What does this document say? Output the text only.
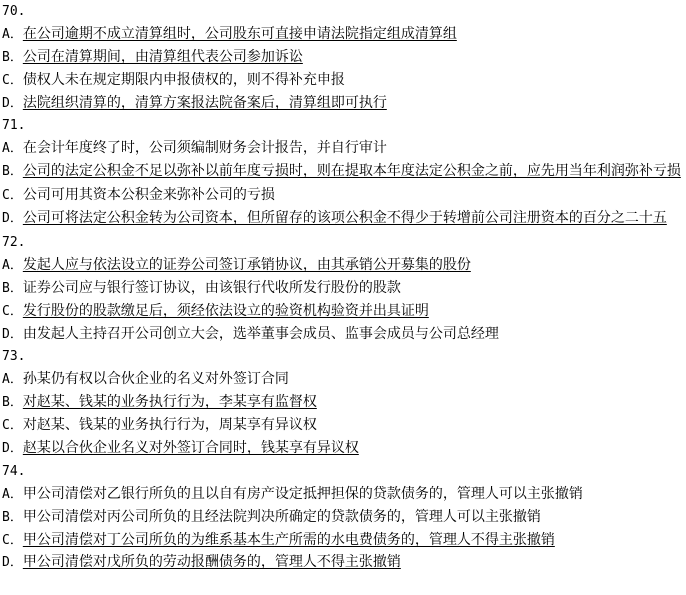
70.
A．在公司逾期不成立清算组时，公司股东可直接申请法院指定组成清算组
B．公司在清算期间，由清算组代表公司参加诉讼
C．债权人未在规定期限内申报债权的，则不得补充申报
D．法院组织清算的，清算方案报法院备案后，清算组即可执行
71.
A．在会计年度终了时，公司须编制财务会计报告，并自行审计
B．公司的法定公积金不足以弥补以前年度亏损时，则在提取本年度法定公积金之前，应先用当年利润弥补亏损
C．公司可用其资本公积金来弥补公司的亏损
D．公司可将法定公积金转为公司资本，但所留存的该项公积金不得少于转增前公司注册资本的百分之二十五
72.
A．发起人应与依法设立的证券公司签订承销协议，由其承销公开募集的股份
B．证券公司应与银行签订协议，由该银行代收所发行股份的股款
C．发行股份的股款缴足后，须经依法设立的验资机构验资并出具证明
D．由发起人主持召开公司创立大会，选举董事会成员、监事会成员与公司总经理
73.
A．孙某仍有权以合伙企业的名义对外签订合同
B．对赵某、钱某的业务执行行为，李某享有监督权
C．对赵某、钱某的业务执行行为，周某享有异议权
D．赵某以合伙企业名义对外签订合同时，钱某享有异议权
74.
A．甲公司清偿对乙银行所负的且以自有房产设定抵押担保的贷款债务的，管理人可以主张撤销
B．甲公司清偿对丙公司所负的且经法院判决所确定的贷款债务的，管理人可以主张撤销
C．甲公司清偿对丁公司所负的为维系基本生产所需的水电费债务的，管理人不得主张撤销
D．甲公司清偿对戊所负的劳动报酬债务的，管理人不得主张撤销
